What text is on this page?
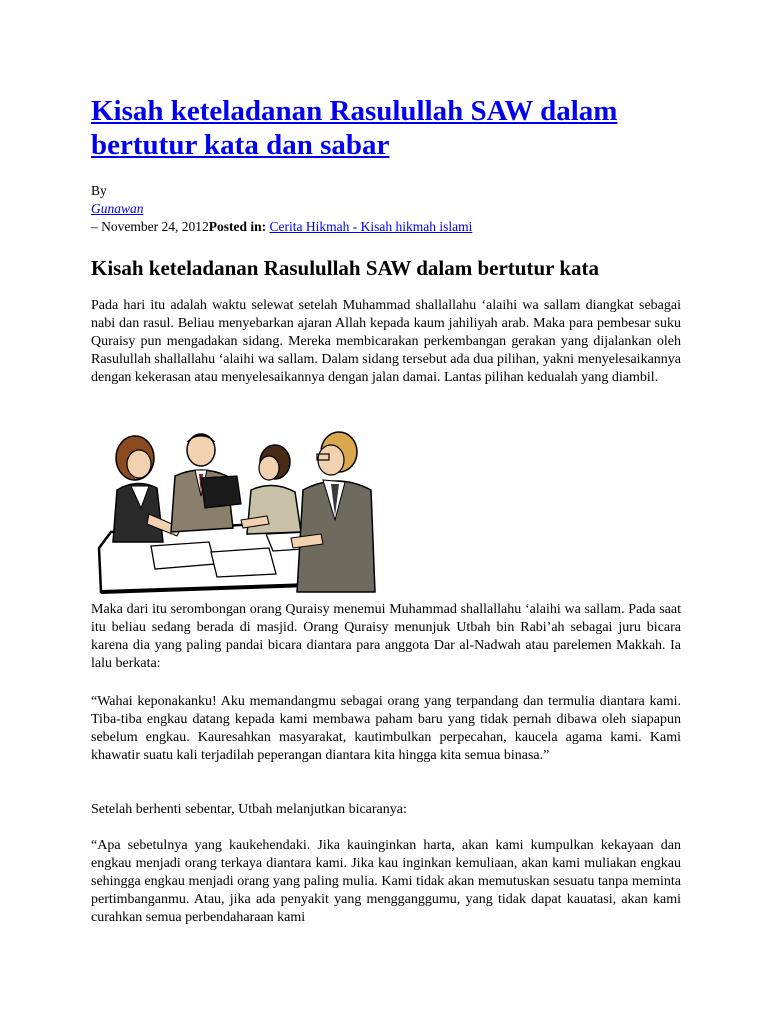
Kisah keteladanan Rasulullah SAW dalam bertutur kata dan sabar
By
Gunawan
– November 24, 2012Posted in: Cerita Hikmah - Kisah hikmah islami
Kisah keteladanan Rasulullah SAW dalam bertutur kata

Pada hari itu adalah waktu selewat setelah Muhammad shallallahu ‘alaihi wa sallam diangkat sebagai nabi dan rasul. Beliau menyebarkan ajaran Allah kepada kaum jahiliyah arab. Maka para pembesar suku Quraisy pun mengadakan sidang. Mereka membicarakan perkembangan gerakan yang dijalankan oleh Rasulullah shallallahu ‘alaihi wa sallam. Dalam sidang tersebut ada dua pilihan, yakni menyelesaikannya dengan kekerasan atau menyelesaikannya dengan jalan damai. Lantas pilihan kedualah yang diambil.

Maka dari itu serombongan orang Quraisy menemui Muhammad shallallahu ‘alaihi wa sallam. Pada saat itu beliau sedang berada di masjid. Orang Quraisy menunjuk Utbah bin Rabi’ah sebagai juru bicara karena dia yang paling pandai bicara diantara para anggota Dar al-Nadwah atau parelemen Makkah. Ia lalu berkata:

“Wahai keponakanku! Aku memandangmu sebagai orang yang terpandang dan termulia diantara kami. Tiba-tiba engkau datang kepada kami membawa paham baru yang tidak pernah dibawa oleh siapapun sebelum engkau. Kauresahkan masyarakat, kautimbulkan perpecahan, kaucela agama kami. Kami khawatir suatu kali terjadilah peperangan diantara kita hingga kita semua binasa.”

Setelah berhenti sebentar, Utbah melanjutkan bicaranya:

“Apa sebetulnya yang kaukehendaki. Jika kauinginkan harta, akan kami kumpulkan kekayaan dan engkau menjadi orang terkaya diantara kami. Jika kau inginkan kemuliaan, akan kami muliakan engkau sehingga engkau menjadi orang yang paling mulia. Kami tidak akan memutuskan sesuatu tanpa meminta pertimbanganmu. Atau, jika ada penyakit yang mengganggumu, yang tidak dapat kauatasi, akan kami curahkan semua perbendaharaan kami
